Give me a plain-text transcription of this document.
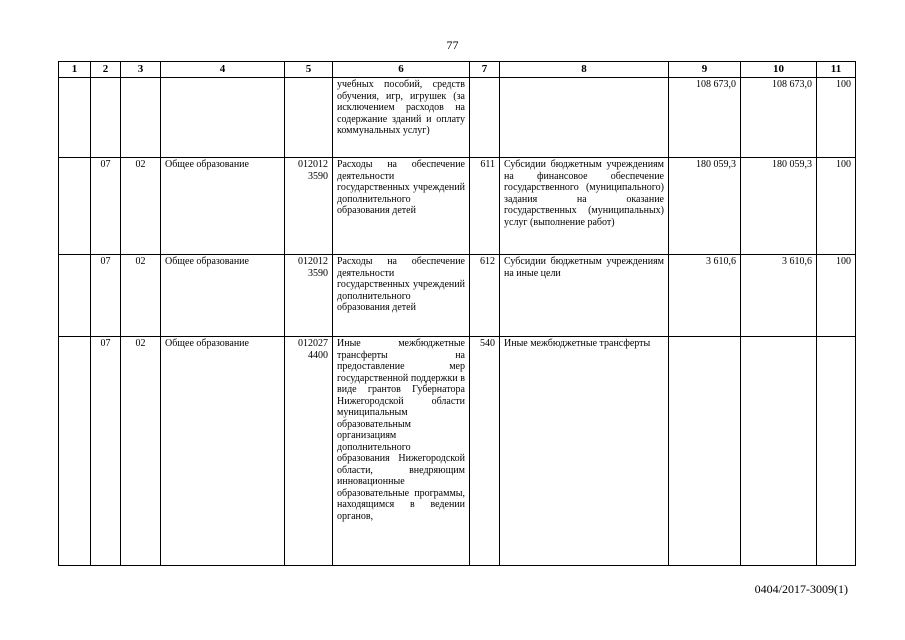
77
1	2	3	4	5	6	7	8	9	10	11
					учебных пособий, средств обучения, игр, игрушек (за исключением расходов на содержание зданий и оплату коммунальных услуг)			108 673,0	108 673,0	100
	07	02	Общее образование	012012 3590	Расходы на обеспечение деятельности государственных учреждений дополнительного образования детей	611	Субсидии бюджетным учреждениям на финансовое обеспечение государственного (муниципального) задания на оказание государственных (муниципальных) услуг (выполнение работ)	180 059,3	180 059,3	100
	07	02	Общее образование	012012 3590	Расходы на обеспечение деятельности государственных учреждений дополнительного образования детей	612	Субсидии бюджетным учреждениям на иные цели	3 610,6	3 610,6	100
	07	02	Общее образование	012027 4400	Иные межбюджетные трансферты на предоставление мер государственной поддержки в виде грантов Губернатора Нижегородской области муниципальным образовательным организациям дополнительного образования Нижегородской области, внедряющим инновационные образовательные программы, находящимся в ведении органов,	540	Иные межбюджетные трансферты			
0404/2017-3009(1)
